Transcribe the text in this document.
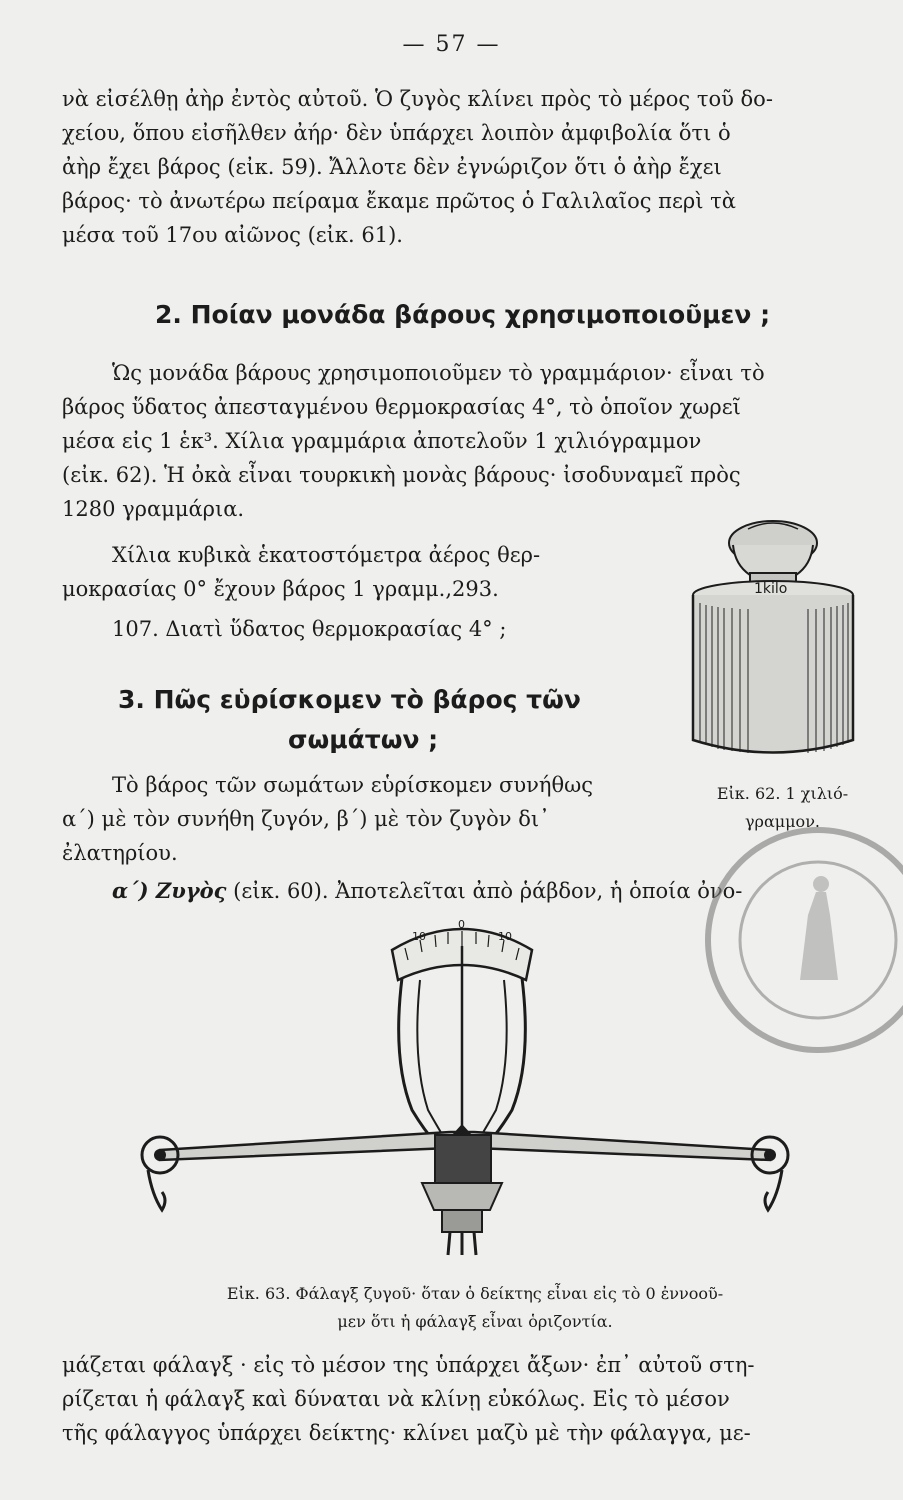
— 57 —

νὰ εἰσέλθῃ ἀὴρ ἐντὸς αὐτοῦ. Ὁ ζυγὸς κλίνει πρὸς τὸ μέρος τοῦ δο-
χείου, ὅπου εἰσῆλθεν ἀήρ· δὲν ὑπάρχει λοιπὸν ἀμφιβολία ὅτι ὁ
ἀὴρ ἔχει βάρος (εἰκ. 59). Ἄλλοτε δὲν ἐγνώριζον ὅτι ὁ ἀὴρ ἔχει
βάρος· τὸ ἀνωτέρω πείραμα ἔκαμε πρῶτος ὁ Γαλιλαῖος περὶ τὰ
μέσα τοῦ 17ου αἰῶνος (εἰκ. 61).

2. Ποίαν μονάδα βάρους χρησιμοποιοῦμεν ;

Ὡς μονάδα βάρους χρησιμοποιοῦμεν τὸ γραμμάριον· εἶναι τὸ
βάρος ὕδατος ἀπεσταγμένου θερμοκρασίας 4°, τὸ ὁποῖον χωρεῖ
μέσα εἰς 1 ἑκ³. Χίλια γραμμάρια ἀποτελοῦν 1 χιλιόγραμμον
(εἰκ. 62). Ἡ ὀκὰ εἶναι τουρκικὴ μονὰς βάρους· ἰσοδυναμεῖ πρὸς
1280 γραμμάρια.

Χίλια κυβικὰ ἑκατοστόμετρα ἀέρος θερ-
μοκρασίας 0° ἔχουν βάρος 1 γραμμ.,293.

107. Διατὶ ὕδατος θερμοκρασίας 4° ;

3. Πῶς εὑρίσκομεν τὸ βάρος τῶν
σωμάτων ;

Τὸ βάρος τῶν σωμάτων εὑρίσκομεν συνήθως
α΄) μὲ τὸν συνήθη ζυγόν, β΄) μὲ τὸν ζυγὸν δι᾿
ἐλατηρίου.

α΄) Ζυγὸς (εἰκ. 60). Ἀποτελεῖται ἀπὸ ῥάβδον, ἡ ὁποία ὀνο-

1kilo
Εἰκ. 62. 1 χιλιό-
γραμμον.
10
0
10
Εἰκ. 63. Φάλαγξ ζυγοῦ· ὅταν ὁ δείκτης εἶναι εἰς τὸ 0 ἐννοοῦ-
μεν ὅτι ἡ φάλαγξ εἶναι ὁριζοντία.

μάζεται φάλαγξ · εἰς τὸ μέσον της ὑπάρχει ἄξων· ἐπ᾿ αὐτοῦ στη-
ρίζεται ἡ φάλαγξ καὶ δύναται νὰ κλίνῃ εὐκόλως. Εἰς τὸ μέσον
τῆς φάλαγγος ὑπάρχει δείκτης· κλίνει μαζὺ μὲ τὴν φάλαγγα, με-
